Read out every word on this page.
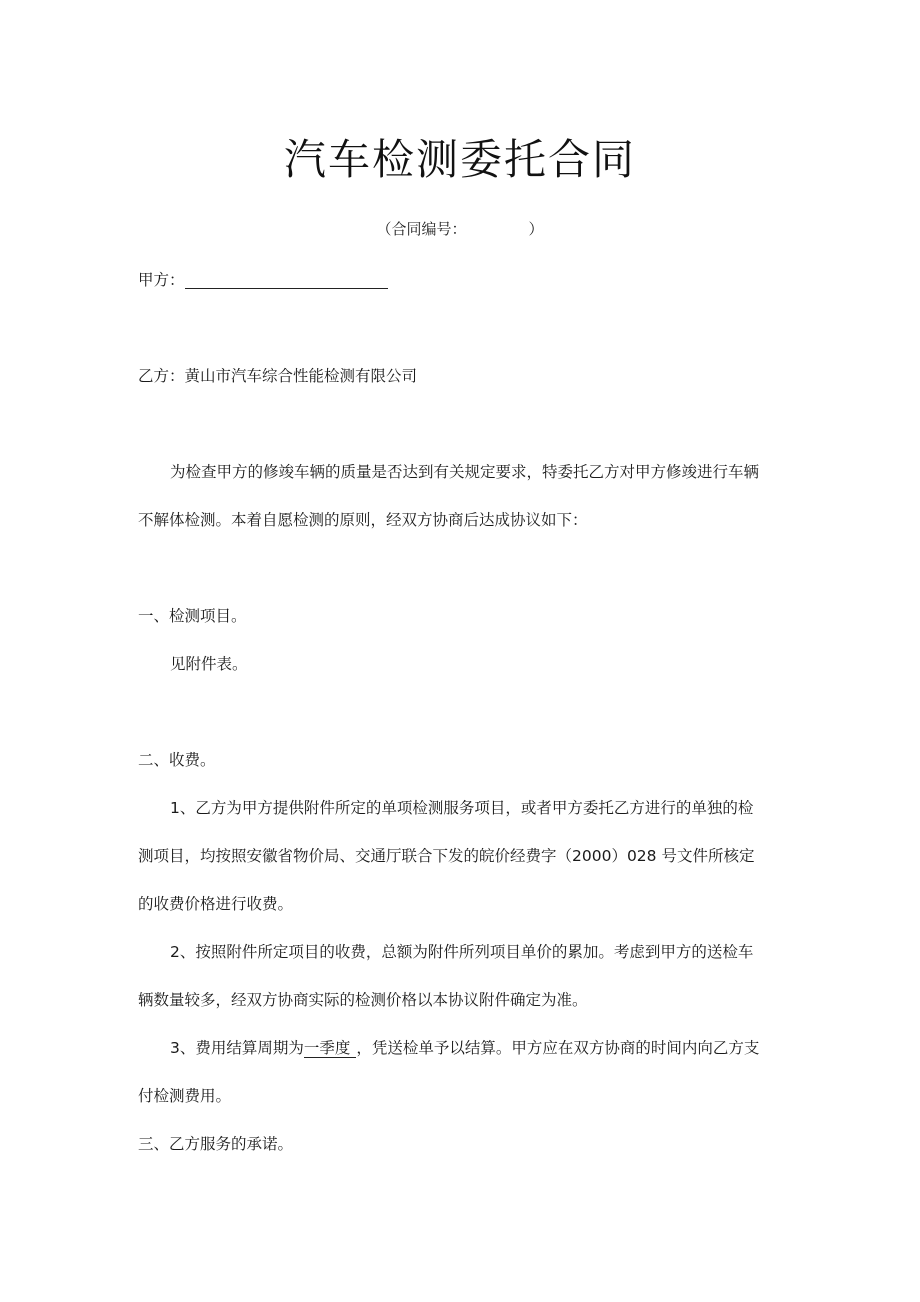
汽车检测委托合同
（合同编号：	）
甲方：
乙方：黄山市汽车综合性能检测有限公司
为检查甲方的修竣车辆的质量是否达到有关规定要求，特委托乙方对甲方修竣进行车辆
不解体检测。本着自愿检测的原则，经双方协商后达成协议如下：
一、检测项目。
见附件表。
二、收费。
1、乙方为甲方提供附件所定的单项检测服务项目，或者甲方委托乙方进行的单独的检
测项目，均按照安徽省物价局、交通厅联合下发的皖价经费字（2000）028 号文件所核定
的收费价格进行收费。
2、按照附件所定项目的收费，总额为附件所列项目单价的累加。考虑到甲方的送检车
辆数量较多，经双方协商实际的检测价格以本协议附件确定为准。
3、费用结算周期为一季度 ，凭送检单予以结算。甲方应在双方协商的时间内向乙方支
付检测费用。
三、乙方服务的承诺。
